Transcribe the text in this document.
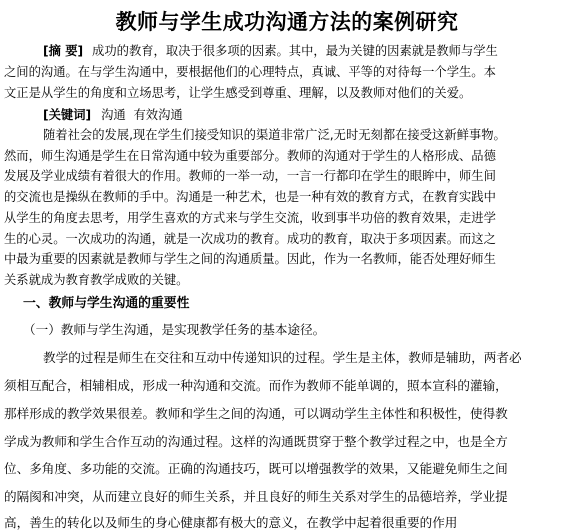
教师与学生成功沟通方法的案例研究
[摘 要] 成功的教育，取决于很多项的因素。其中，最为关键的因素就是教师与学生
之间的沟通。在与学生沟通中，要根据他们的心理特点，真诚、平等的对待每一个学生。本
文正是从学生的角度和立场思考，让学生感受到尊重、理解，以及教师对他们的关爱。
[关键词] 沟通  有效沟通
随着社会的发展,现在学生们接受知识的渠道非常广泛,无时无刻都在接受这新鲜事物。
然而，师生沟通是学生在日常沟通中较为重要部分。教师的沟通对于学生的人格形成、品德
发展及学业成绩有着很大的作用。教师的一举一动，一言一行都印在学生的眼眸中，师生间
的交流也是操纵在教师的手中。沟通是一种艺术，也是一种有效的教育方式，在教育实践中
从学生的角度去思考，用学生喜欢的方式来与学生交流，收到事半功倍的教育效果，走进学
生的心灵。一次成功的沟通，就是一次成功的教育。成功的教育，取决于多项因素。而这之
中最为重要的因素就是教师与学生之间的沟通质量。因此，作为一名教师，能否处理好师生
关系就成为教育教学成败的关键。
一、教师与学生沟通的重要性
（一）教师与学生沟通，是实现教学任务的基本途径。
教学的过程是师生在交往和互动中传递知识的过程。学生是主体，教师是辅助，两者必
须相互配合，相辅相成，形成一种沟通和交流。而作为教师不能单调的，照本宣科的灌输，
那样形成的教学效果很差。教师和学生之间的沟通，可以调动学生主体性和积极性，使得教
学成为教师和学生合作互动的沟通过程。这样的沟通既贯穿于整个教学过程之中，也是全方
位、多角度、多功能的交流。正确的沟通技巧，既可以增强教学的效果，又能避免师生之间
的隔阂和冲突，从而建立良好的师生关系，并且良好的师生关系对学生的品德培养，学业提
高，善生的转化以及师生的身心健康都有极大的意义，在教学中起着很重要的作用
